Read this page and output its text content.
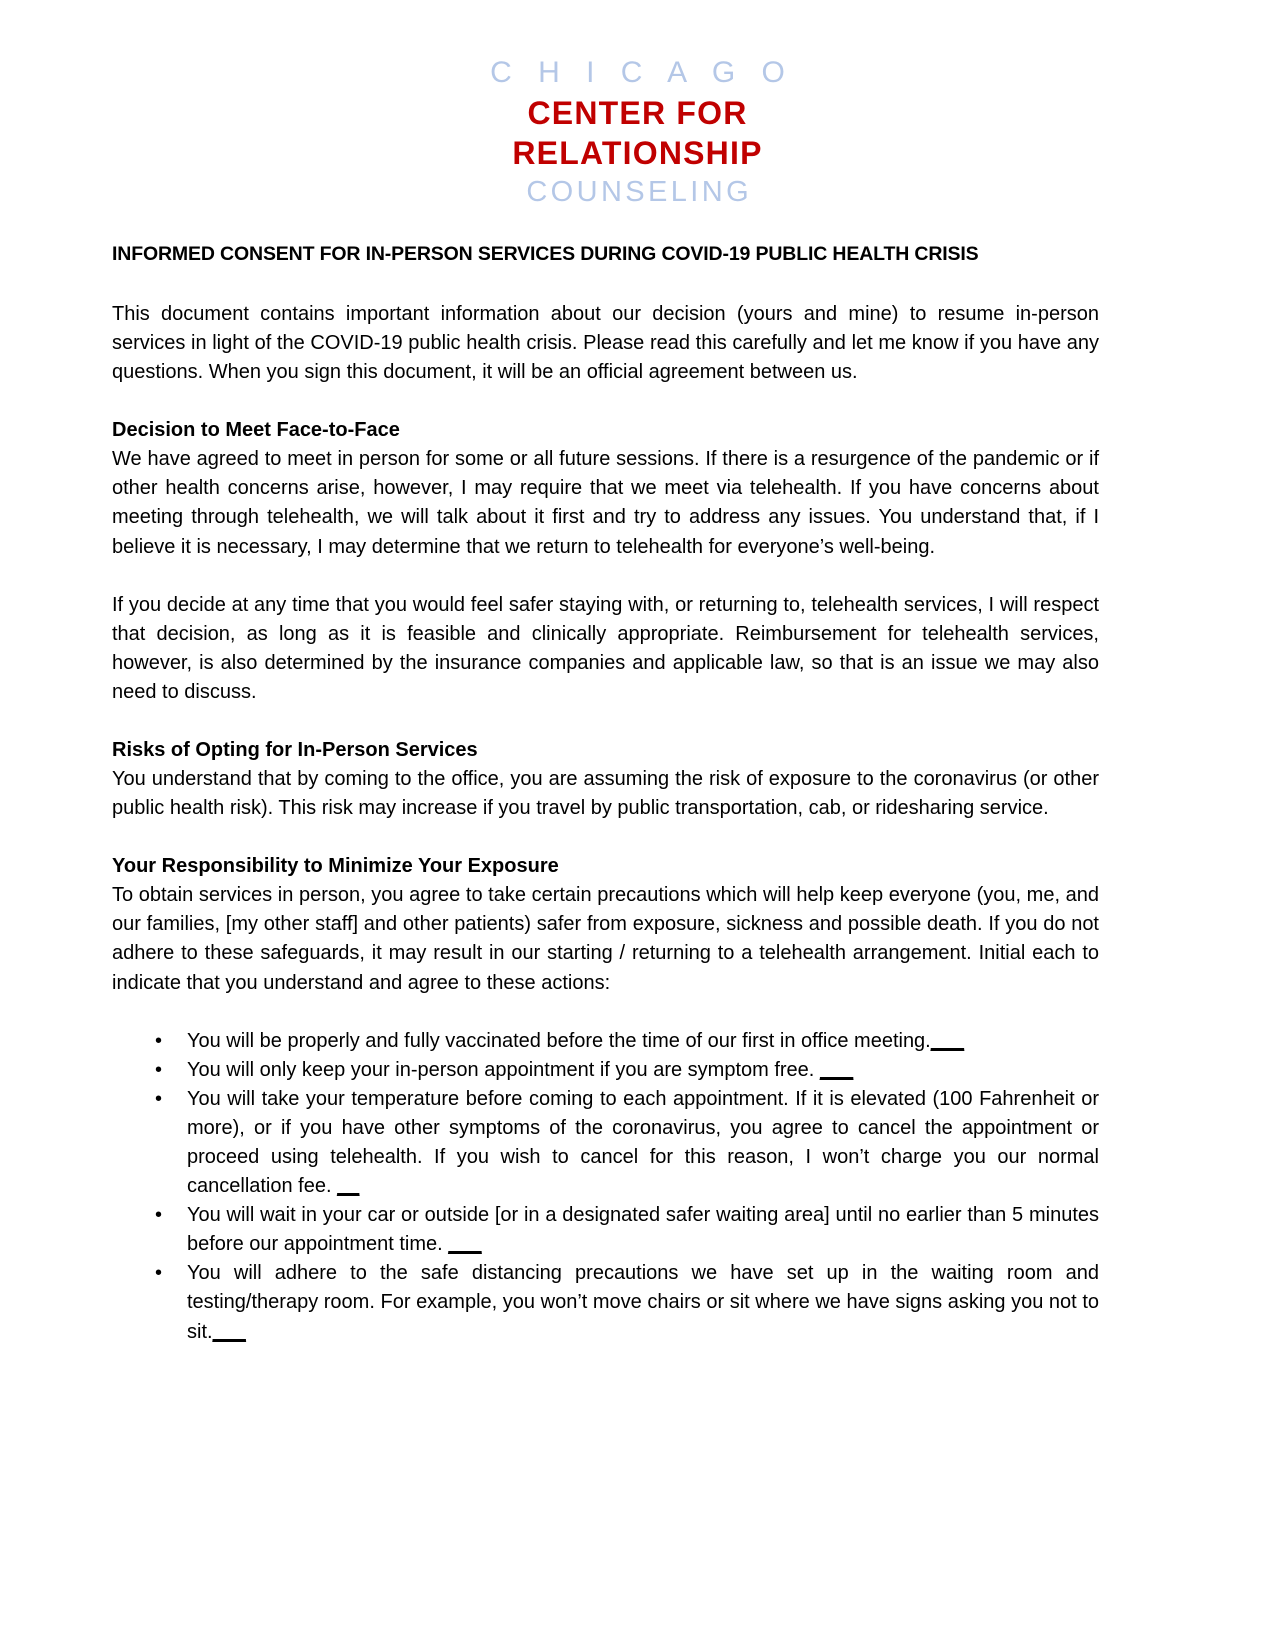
C H I C A G O
CENTER FOR
RELATIONSHIP
COUNSELING
INFORMED CONSENT FOR IN-PERSON SERVICES DURING COVID-19 PUBLIC HEALTH CRISIS

This document contains important information about our decision (yours and mine) to resume in-person services in light of the COVID-19 public health crisis. Please read this carefully and let me know if you have any questions. When you sign this document, it will be an official agreement between us.

Decision to Meet Face-to-Face

We have agreed to meet in person for some or all future sessions. If there is a resurgence of the pandemic or if other health concerns arise, however, I may require that we meet via telehealth. If you have concerns about meeting through telehealth, we will talk about it first and try to address any issues. You understand that, if I believe it is necessary, I may determine that we return to telehealth for everyone’s well-being.

If you decide at any time that you would feel safer staying with, or returning to, telehealth services, I will respect that decision, as long as it is feasible and clinically appropriate. Reimbursement for telehealth services, however, is also determined by the insurance companies and applicable law, so that is an issue we may also need to discuss.

Risks of Opting for In-Person Services

You understand that by coming to the office, you are assuming the risk of exposure to the coronavirus (or other public health risk). This risk may increase if you travel by public transportation, cab, or ridesharing service.

Your Responsibility to Minimize Your Exposure

To obtain services in person, you agree to take certain precautions which will help keep everyone (you, me, and our families, [my other staff] and other patients) safer from exposure, sickness and possible death. If you do not adhere to these safeguards, it may result in our starting / returning to a telehealth arrangement. Initial each to indicate that you understand and agree to these actions:

• You will be properly and fully vaccinated before the time of our first in office meeting.___
• You will only keep your in-person appointment if you are symptom free. ___
• You will take your temperature before coming to each appointment. If it is elevated (100 Fahrenheit or more), or if you have other symptoms of the coronavirus, you agree to cancel the appointment or proceed using telehealth. If you wish to cancel for this reason, I won’t charge you our normal cancellation fee. __
• You will wait in your car or outside [or in a designated safer waiting area] until no earlier than 5 minutes before our appointment time. ___
• You will adhere to the safe distancing precautions we have set up in the waiting room and testing/therapy room. For example, you won’t move chairs or sit where we have signs asking you not to sit.___
